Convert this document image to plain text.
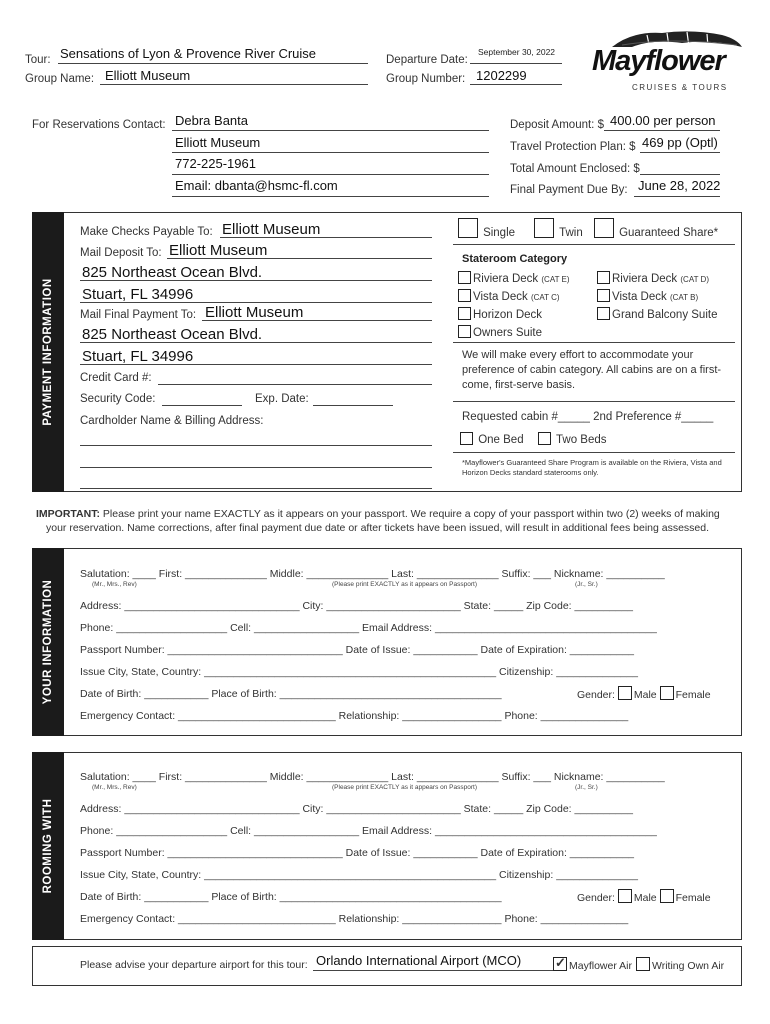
Tour: Sensations of Lyon & Provence River Cruise
Group Name: Elliott Museum
Departure Date:
September 30, 2022
Group Number: 1202299 Mayflower
CRUISES & TOURS
For Reservations Contact: Debra Banta
Elliott Museum
772-225-1961
Email: dbanta@hsmc-fl.com
Deposit Amount: $ 400.00 per person
Travel Protection Plan: $ 469 pp (Optl)
Total Amount Enclosed: $
Final Payment Due By: June 28, 2022
PAYMENT INFORMATION
Make Checks Payable To: Elliott Museum
Mail Deposit To: Elliott Museum
825 Northeast Ocean Blvd.
Stuart, FL 34996
Mail Final Payment To: Elliott Museum
825 Northeast Ocean Blvd.
Stuart, FL 34996
Credit Card #:
Security Code:	Exp. Date:
Cardholder Name & Billing Address:
Single	Twin	Guaranteed Share*
Stateroom Category
Riviera Deck (CAT E)	Riviera Deck (CAT D)
Vista Deck (CAT C)	Vista Deck (CAT B)
Horizon Deck	Grand Balcony Suite
Owners Suite
We will make every effort to accommodate your preference of cabin category. All cabins are on a first-come, first-serve basis.
Requested cabin #_____ 2nd Preference #_____
One Bed	Two Beds
*Mayflower's Guaranteed Share Program is available on the Riviera, Vista and Horizon Decks standard staterooms only.
IMPORTANT: Please print your name EXACTLY as it appears on your passport. We require a copy of your passport within two (2) weeks of making
your reservation. Name corrections, after final payment due date or after tickets have been issued, will result in additional fees being assessed.
YOUR INFORMATION
Salutation: ____ First: ______________ Middle: ______________ Last: ______________ Suffix: ___ Nickname: __________
(Mr., Mrs., Rev)	(Please print EXACTLY as it appears on Passport)	(Jr., Sr.)
Address: ______________________________ City: _______________________ State: _____ Zip Code: __________
Phone: ___________________ Cell: __________________ Email Address: ______________________________________
Passport Number: ______________________________ Date of Issue: ___________ Date of Expiration: ___________
Issue City, State, Country: __________________________________________________ Citizenship: ______________
Date of Birth: ___________ Place of Birth: ______________________________________	Gender: Male Female
Emergency Contact: ___________________________ Relationship: _________________ Phone: _______________
ROOMING WITH
Salutation: ____ First: ______________ Middle: ______________ Last: ______________ Suffix: ___ Nickname: __________
(Mr., Mrs., Rev)	(Please print EXACTLY as it appears on Passport)	(Jr., Sr.)
Address: ______________________________ City: _______________________ State: _____ Zip Code: __________
Phone: ___________________ Cell: __________________ Email Address: ______________________________________
Passport Number: ______________________________ Date of Issue: ___________ Date of Expiration: ___________
Issue City, State, Country: __________________________________________________ Citizenship: ______________
Date of Birth: ___________ Place of Birth: ______________________________________	Gender: Male Female
Emergency Contact: ___________________________ Relationship: _________________ Phone: _______________
Please advise your departure airport for this tour: Orlando International Airport (MCO)
✓	Mayflower Air	Writing Own Air
